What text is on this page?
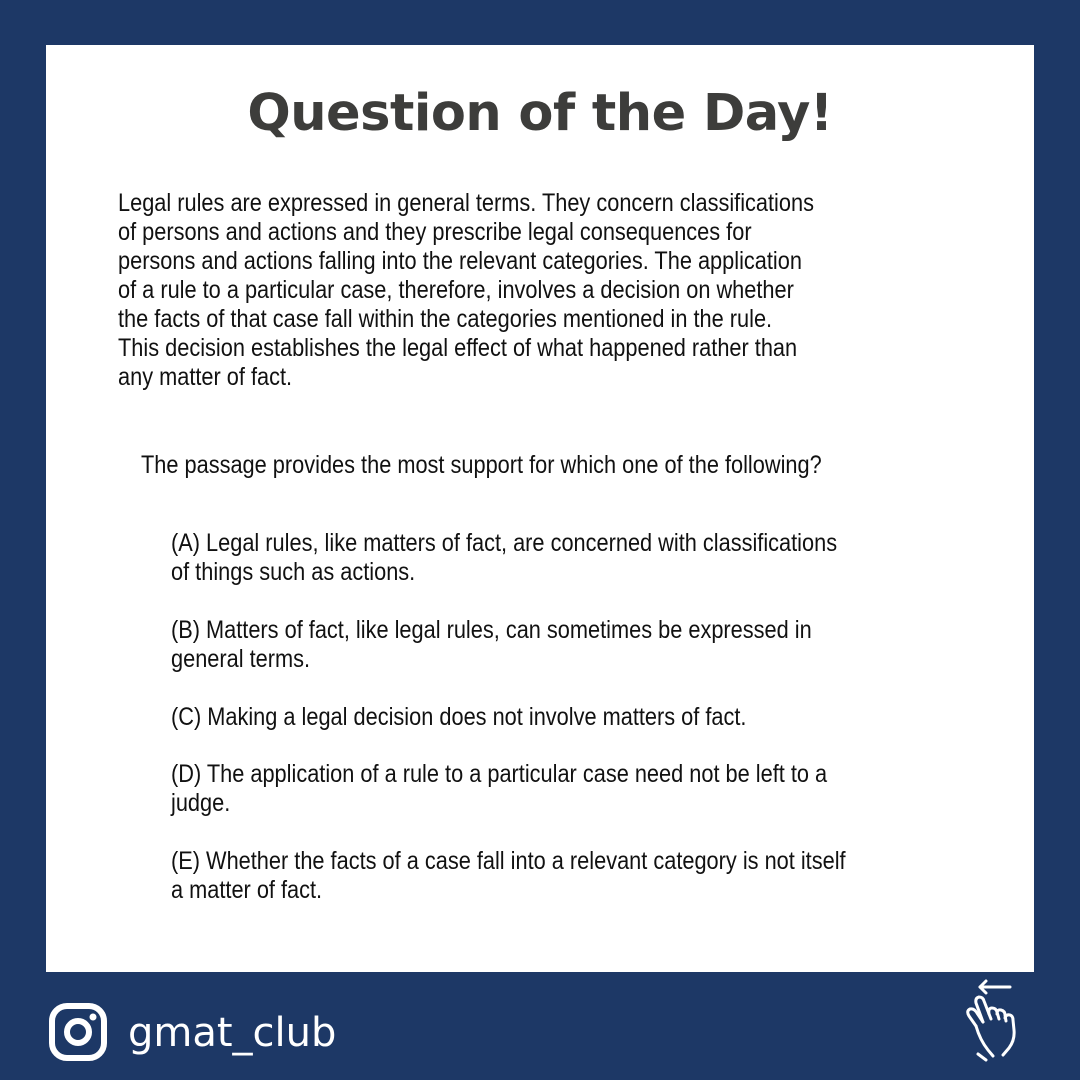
Question of the Day!

Legal rules are expressed in general terms. They concern classifications
of persons and actions and they prescribe legal consequences for
persons and actions falling into the relevant categories. The application
of a rule to a particular case, therefore, involves a decision on whether
the facts of that case fall within the categories mentioned in the rule.
This decision establishes the legal effect of what happened rather than
any matter of fact.

The passage provides the most support for which one of the following?

(A) Legal rules, like matters of fact, are concerned with classifications
of things such as actions.

(B) Matters of fact, like legal rules, can sometimes be expressed in
general terms.

(C) Making a legal decision does not involve matters of fact.

(D) The application of a rule to a particular case need not be left to a
judge.

(E) Whether the facts of a case fall into a relevant category is not itself
a matter of fact.

gmat_club
